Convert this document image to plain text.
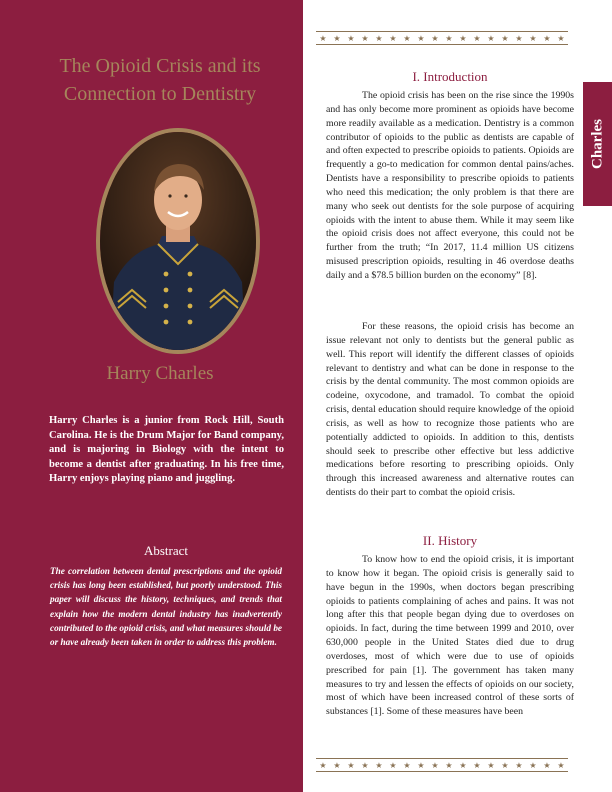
The Opioid Crisis and its
Connection to Dentistry
Harry Charles
Harry Charles is a junior from Rock Hill, South Carolina. He is the Drum Major for Band company, and is majoring in Biology with the intent to become a dentist after graduating. In his free time, Harry enjoys playing piano and juggling.
Abstract
The correlation between dental prescriptions and the opioid crisis has long been established, but poorly understood. This paper will discuss the history, techniques, and trends that explain how the modern dental industry has inadvertently contributed to the opioid crisis, and what measures should be or have already been taken in order to address this problem.
★ ★ ★ ★ ★ ★ ★ ★ ★ ★ ★ ★ ★ ★ ★ ★ ★ ★
Charles
I. Introduction

The opioid crisis has been on the rise since the 1990s and has only become more prominent as opioids have become more readily available as a medication. Dentistry is a common contributor of opioids to the public as dentists are capable of and often expected to prescribe opioids to patients. Opioids are frequently a go-to medication for common dental pains/aches. Dentists have a responsibility to prescribe opioids to patients who need this medication; the only problem is that there are many who seek out dentists for the sole purpose of acquiring opioids with the intent to abuse them. While it may seem like the opioid crisis does not affect everyone, this could not be further from the truth; “In 2017, 11.4 million US citizens misused prescription opioids, resulting in 46 overdose deaths daily and a $78.5 billion burden on the economy” [8].

For these reasons, the opioid crisis has become an issue relevant not only to dentists but the general public as well. This report will identify the different classes of opioids relevant to dentistry and what can be done in response to the crisis by the dental community. The most common opioids are codeine, oxycodone, and tramadol. To combat the opioid crisis, dental education should require knowledge of the opioid crisis, as well as how to recognize those patients who are potentially addicted to opioids. In addition to this, dentists should seek to prescribe other effective but less addictive medications before resorting to prescribing opioids. Only through this increased awareness and alternative routes can dentists do their part to combat the opioid crisis.

II. History

To know how to end the opioid crisis, it is important to know how it began. The opioid crisis is generally said to have begun in the 1990s, when doctors began prescribing opioids to patients complaining of aches and pains. It was not long after this that people began dying due to overdoses on opioids. In fact, during the time between 1999 and 2010, over 630,000 people in the United States died due to drug overdoses, most of which were due to use of opioids prescribed for pain [1]. The government has taken many measures to try and lessen the effects of opioids on our society, most of which have been increased control of these sorts of substances [1]. Some of these measures have been

★ ★ ★ ★ ★ ★ ★ ★ ★ ★ ★ ★ ★ ★ ★ ★ ★ ★
